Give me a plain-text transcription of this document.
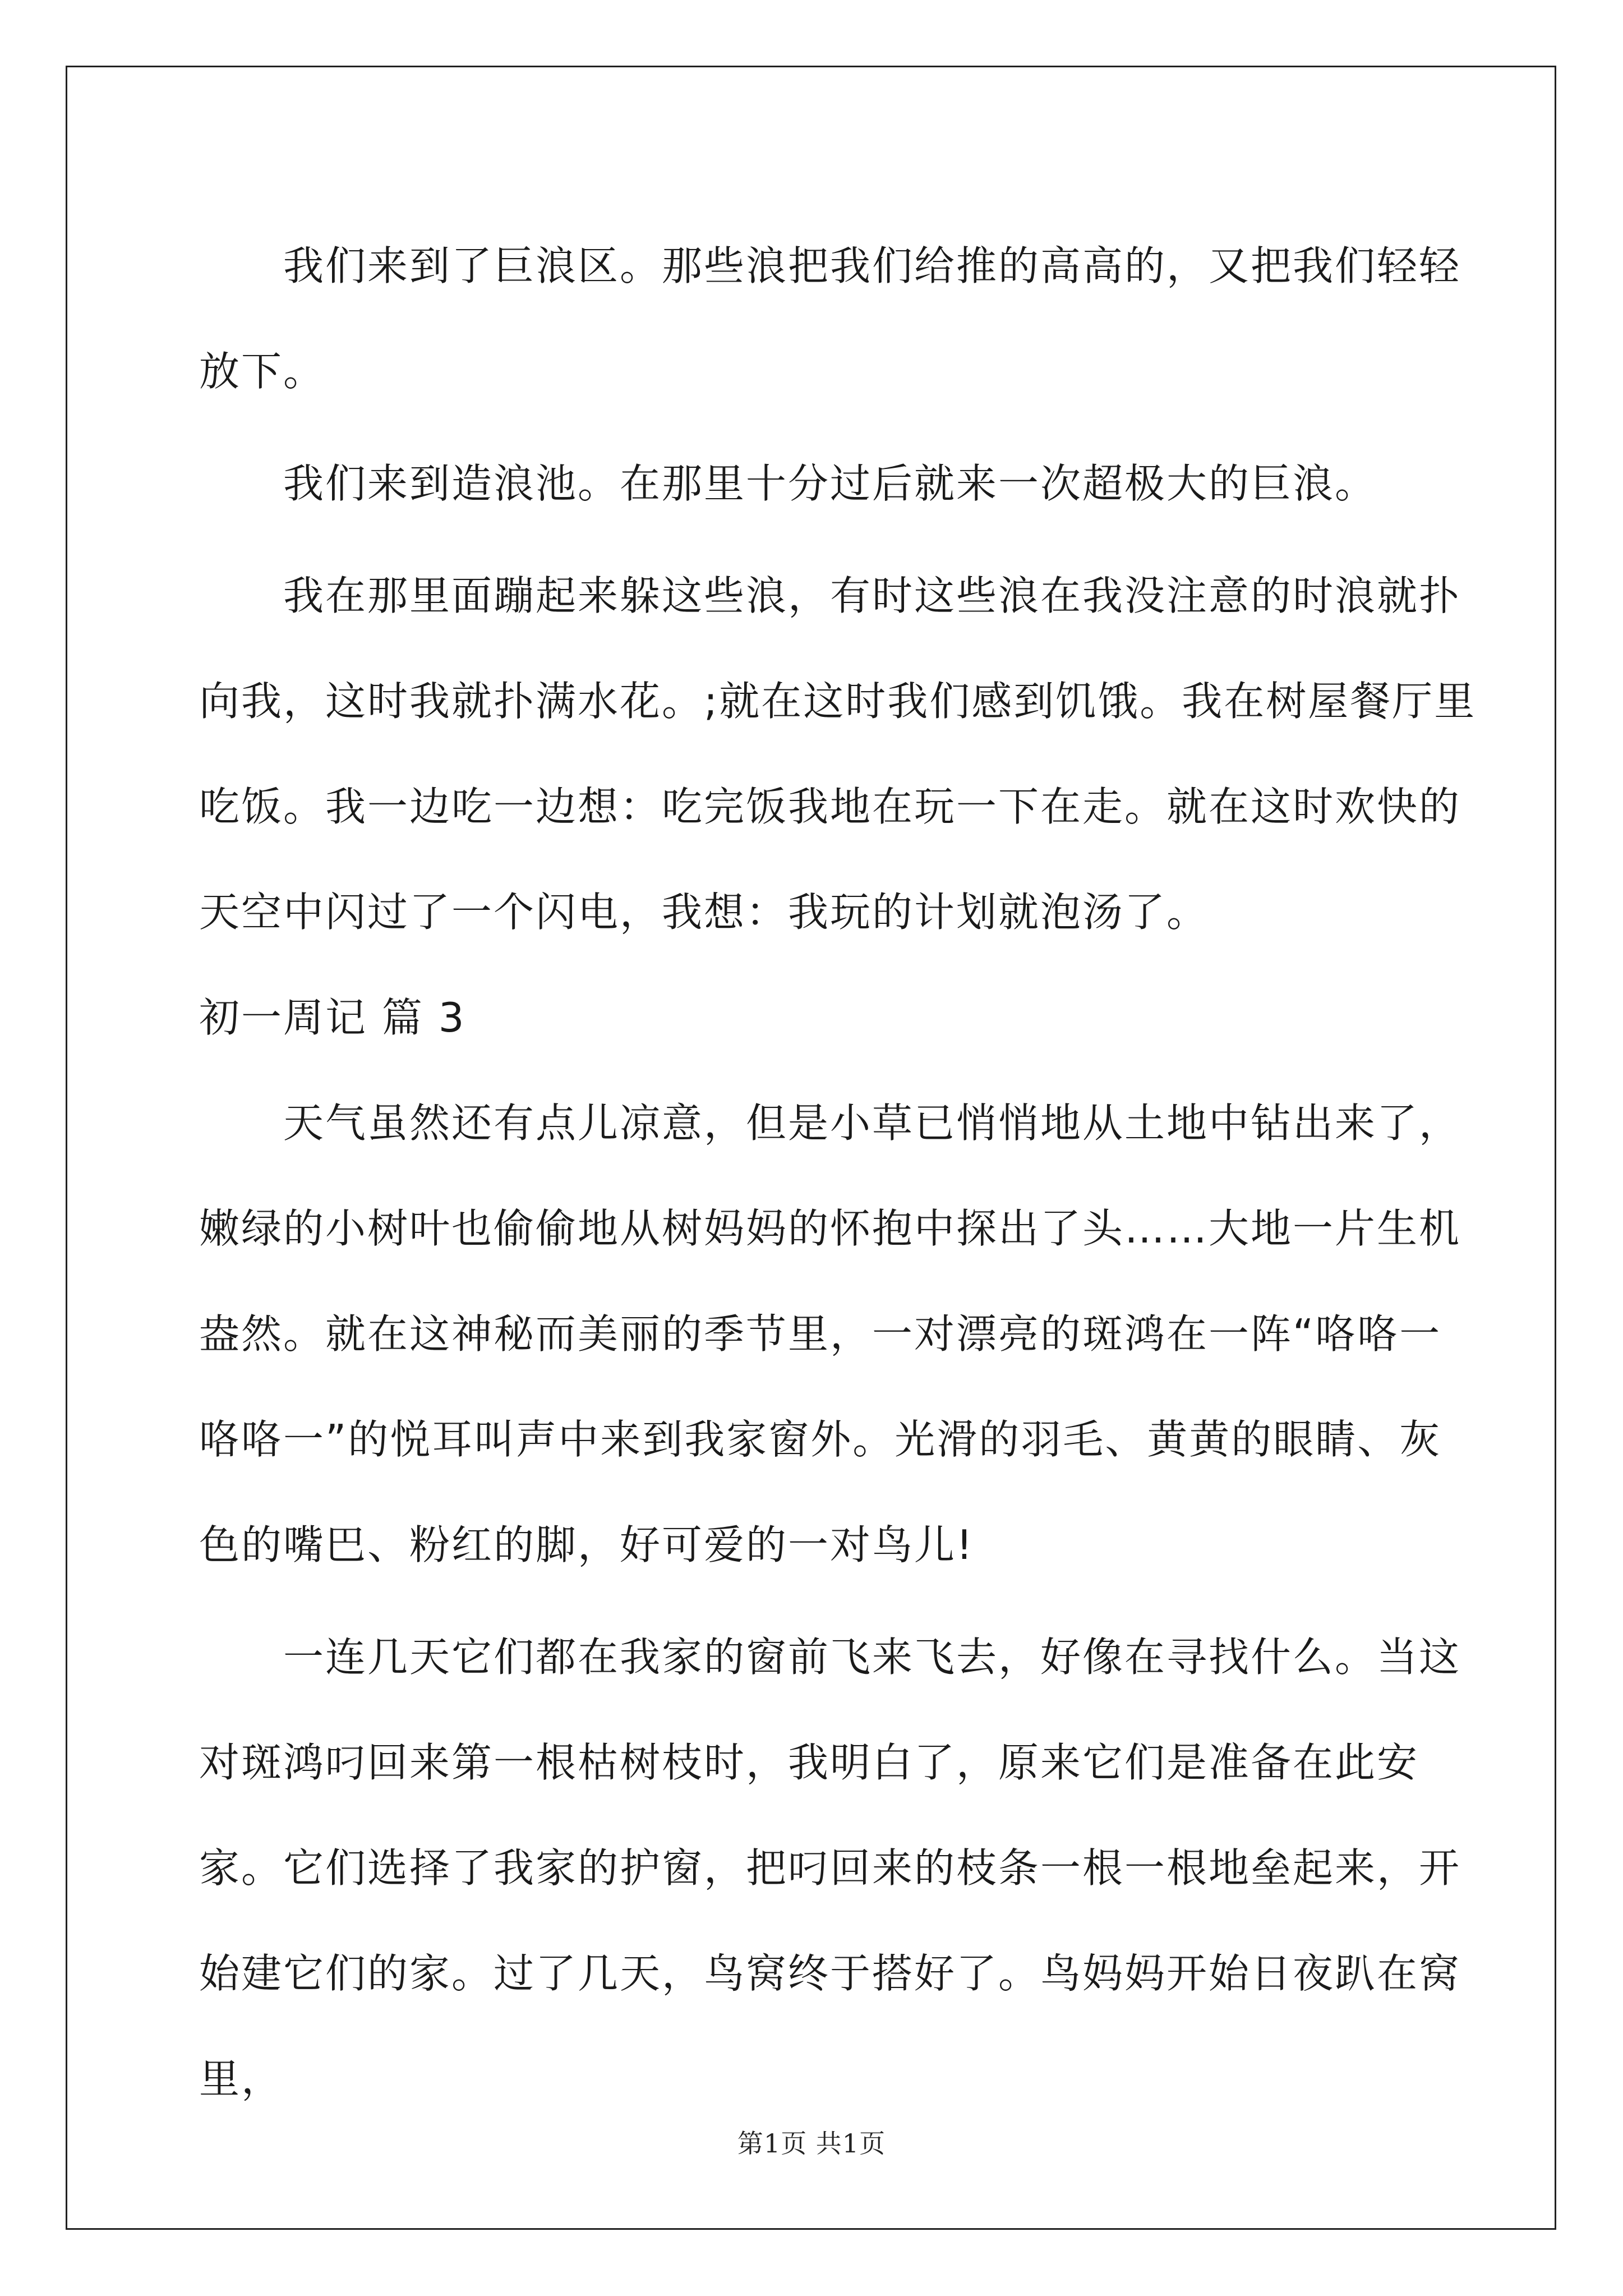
我们来到了巨浪区。那些浪把我们给推的高高的，又把我们轻轻放下。

我们来到造浪池。在那里十分过后就来一次超极大的巨浪。

我在那里面蹦起来躲这些浪，有时这些浪在我没注意的时浪就扑向我，这时我就扑满水花。;就在这时我们感到饥饿。我在树屋餐厅里吃饭。我一边吃一边想：吃完饭我地在玩一下在走。就在这时欢快的天空中闪过了一个闪电，我想：我玩的计划就泡汤了。

初一周记 篇 3

天气虽然还有点儿凉意，但是小草已悄悄地从土地中钻出来了，嫩绿的小树叶也偷偷地从树妈妈的怀抱中探出了头……大地一片生机盎然。就在这神秘而美丽的季节里，一对漂亮的斑鸿在一阵“咯咯一咯咯一”的悦耳叫声中来到我家窗外。光滑的羽毛、黄黄的眼睛、灰色的嘴巴、粉红的脚，好可爱的一对鸟儿!

一连几天它们都在我家的窗前飞来飞去，好像在寻找什么。当这对斑鸿叼回来第一根枯树枝时，我明白了，原来它们是准备在此安家。它们选择了我家的护窗，把叼回来的枝条一根一根地垒起来，开始建它们的家。过了几天，鸟窝终于搭好了。鸟妈妈开始日夜趴在窝里，

第1页 共1页
